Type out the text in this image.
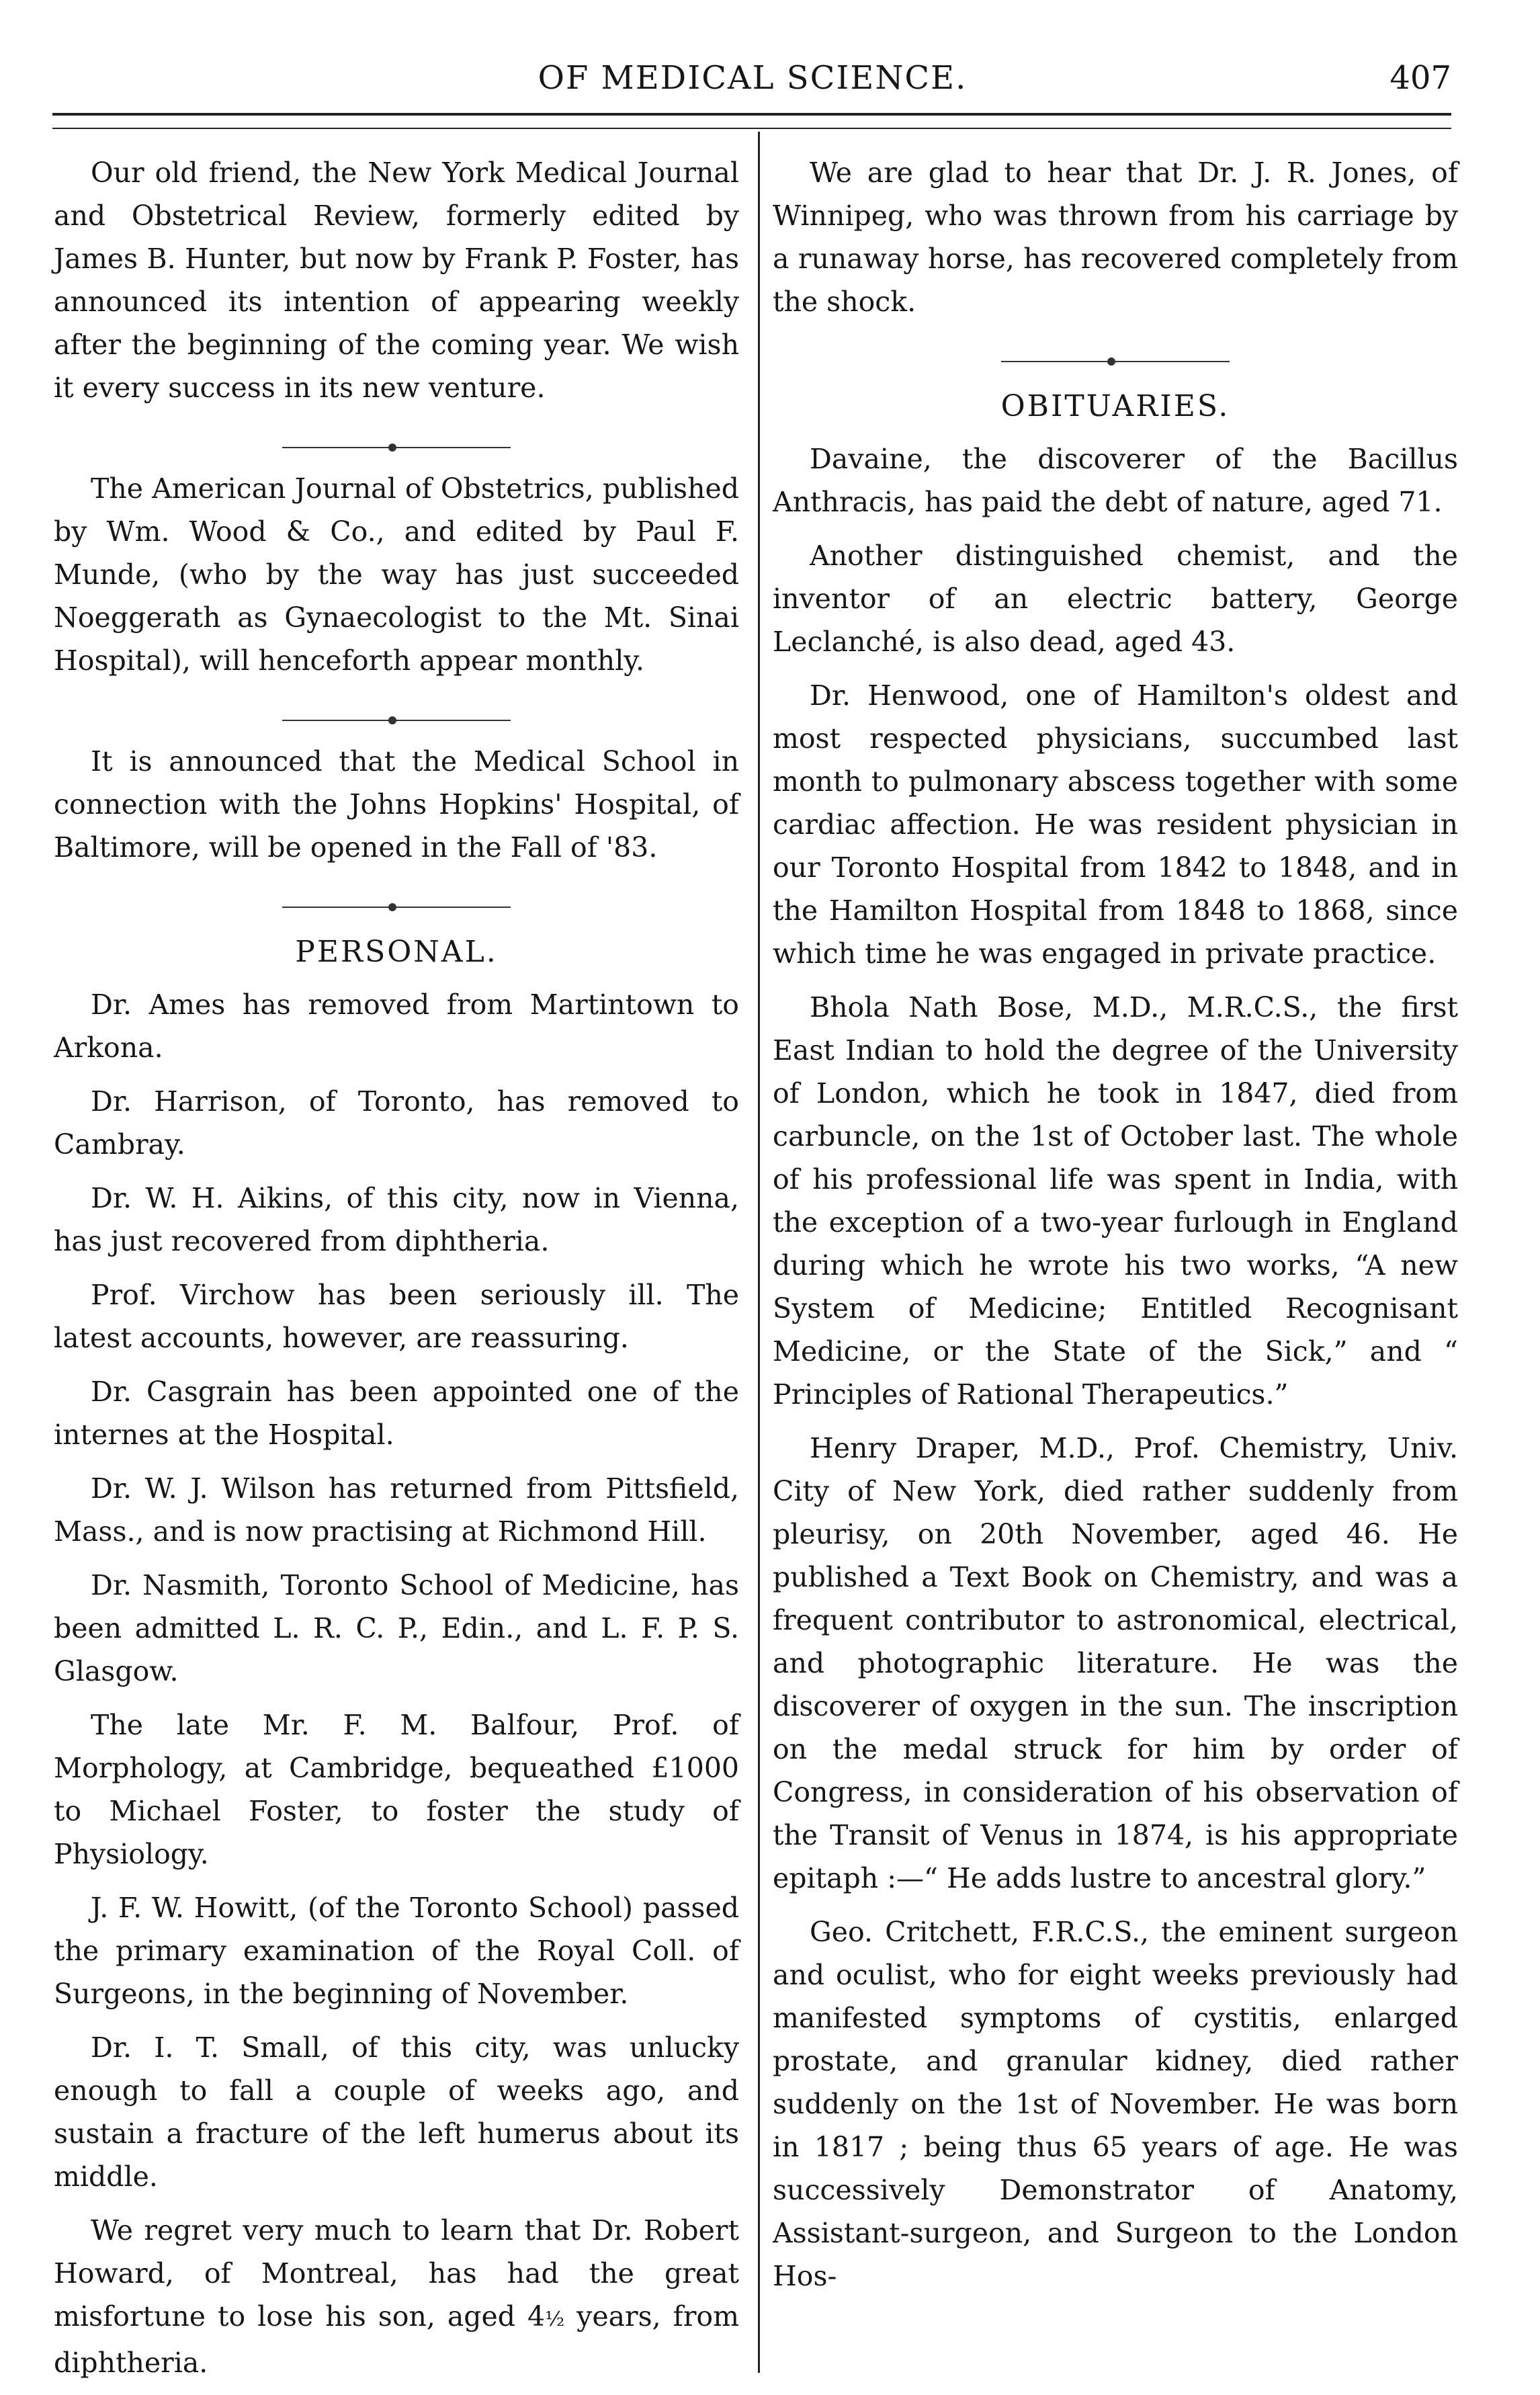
OF MEDICAL SCIENCE.	407

Our old friend, the New York Medical Journal and Obstetrical Review, formerly edited by James B. Hunter, but now by Frank P. Foster, has announced its intention of appearing weekly after the beginning of the coming year. We wish it every success in its new venture.

The American Journal of Obstetrics, published by Wm. Wood & Co., and edited by Paul F. Munde, (who by the way has just succeeded Noeggerath as Gynaecologist to the Mt. Sinai Hospital), will henceforth appear monthly.

It is announced that the Medical School in connection with the Johns Hopkins' Hospital, of Baltimore, will be opened in the Fall of '83.

PERSONAL.

Dr. Ames has removed from Martintown to Arkona.

Dr. Harrison, of Toronto, has removed to Cambray.

Dr. W. H. Aikins, of this city, now in Vienna, has just recovered from diphtheria.

Prof. Virchow has been seriously ill. The latest accounts, however, are reassuring.

Dr. Casgrain has been appointed one of the internes at the Hospital.

Dr. W. J. Wilson has returned from Pittsfield, Mass., and is now practising at Richmond Hill.

Dr. Nasmith, Toronto School of Medicine, has been admitted L. R. C. P., Edin., and L. F. P. S. Glasgow.

The late Mr. F. M. Balfour, Prof. of Morphology, at Cambridge, bequeathed £1000 to Michael Foster, to foster the study of Physiology.

J. F. W. Howitt, (of the Toronto School) passed the primary examination of the Royal Coll. of Surgeons, in the beginning of November.

Dr. I. T. Small, of this city, was unlucky enough to fall a couple of weeks ago, and sustain a fracture of the left humerus about its middle.

We regret very much to learn that Dr. Robert Howard, of Montreal, has had the great misfortune to lose his son, aged 4½ years, from diphtheria.

We are glad to hear that Dr. J. R. Jones, of Winnipeg, who was thrown from his carriage by a runaway horse, has recovered completely from the shock.

OBITUARIES.

Davaine, the discoverer of the Bacillus Anthracis, has paid the debt of nature, aged 71.

Another distinguished chemist, and the inventor of an electric battery, George Leclanché, is also dead, aged 43.

Dr. Henwood, one of Hamilton's oldest and most respected physicians, succumbed last month to pulmonary abscess together with some cardiac affection. He was resident physician in our Toronto Hospital from 1842 to 1848, and in the Hamilton Hospital from 1848 to 1868, since which time he was engaged in private practice.

Bhola Nath Bose, M.D., M.R.C.S., the first East Indian to hold the degree of the University of London, which he took in 1847, died from carbuncle, on the 1st of October last. The whole of his professional life was spent in India, with the exception of a two-year furlough in England during which he wrote his two works, “A new System of Medicine; Entitled Recognisant Medicine, or the State of the Sick,” and “ Principles of Rational Therapeutics.”

Henry Draper, M.D., Prof. Chemistry, Univ. City of New York, died rather suddenly from pleurisy, on 20th November, aged 46. He published a Text Book on Chemistry, and was a frequent contributor to astronomical, electrical, and photographic literature. He was the discoverer of oxygen in the sun. The inscription on the medal struck for him by order of Congress, in consideration of his observation of the Transit of Venus in 1874, is his appropriate epitaph :—“ He adds lustre to ancestral glory.”

Geo. Critchett, F.R.C.S., the eminent surgeon and oculist, who for eight weeks previously had manifested symptoms of cystitis, enlarged prostate, and granular kidney, died rather suddenly on the 1st of November. He was born in 1817 ; being thus 65 years of age. He was successively Demonstrator of Anatomy, Assistant-surgeon, and Surgeon to the London Hos-
